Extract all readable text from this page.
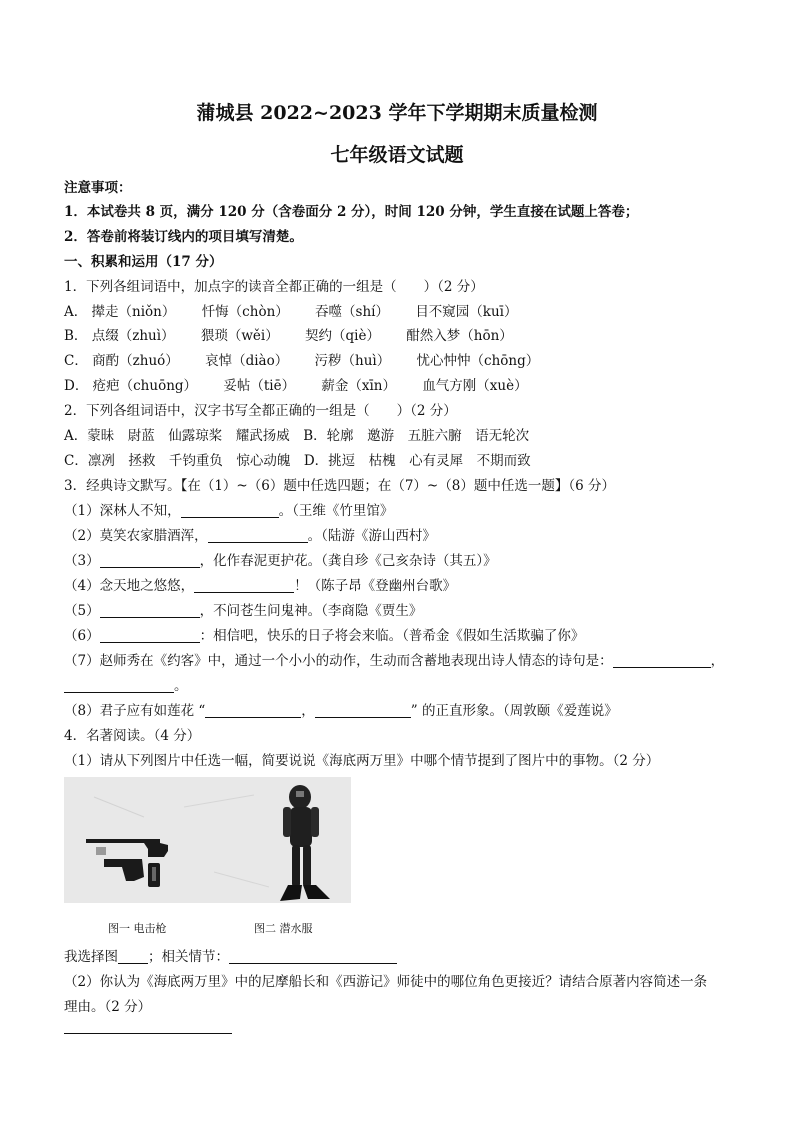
蒲城县 2022~2023 学年下学期期末质量检测
七年级语文试题
注意事项：
1．本试卷共 8 页，满分 120 分（含卷面分 2 分），时间 120 分钟，学生直接在试题上答卷；
2．答卷前将装订线内的项目填写清楚。
一、积累和运用（17 分）
1．下列各组词语中，加点字的读音全都正确的一组是（　　）（2 分）
A． 撵走（niǒn） 忏悔（chòn） 吞噬（shí） 目不窥园（kuī）
B． 点缀（zhuì） 猥琐（wěi） 契约（qiè） 酣然入梦（hōn）
C． 商酌（zhuó） 哀悼（diào） 污秽（huì） 忧心忡忡（chōng）
D． 疮疤（chuōng） 妥帖（tiē） 薪金（xīn） 血气方刚（xuè）
2．下列各组词语中，汉字书写全都正确的一组是（　　）（2 分）
A．蒙昧　尉蓝　仙露琼桨　耀武扬威　B．轮廓　邀游　五脏六腑　语无轮次
C．凛冽　拯救　千钧重负　惊心动魄　D．挑逗　枯槐　心有灵犀　不期而致
3．经典诗文默写。【在（1）~（6）题中任选四题；在（7）~（8）题中任选一题】（6 分）
（1）深林人不知，	。（王维《竹里馆》
（2）莫笑农家腊酒浑，	。（陆游《游山西村》
（3）	，化作春泥更护花。（龚自珍《己亥杂诗（其五）》
（4）念天地之悠悠，	！（陈子昂《登幽州台歌》
（5）	，不问苍生问鬼神。（李商隐《贾生》
（6）	：相信吧，快乐的日子将会来临。（普希金《假如生活欺骗了你》
（7）赵师秀在《约客》中，通过一个小小的动作，生动而含蓄地表现出诗人情态的诗句是：	，
。
（8）君子应有如莲花 “	，	” 的正直形象。（周敦颐《爱莲说》
4．名著阅读。（4 分）
（1）请从下列图片中任选一幅，简要说说《海底两万里》中哪个情节提到了图片中的事物。（2 分）
图一 电击枪	图二 潜水服
我选择图 ；相关情节：
（2）你认为《海底两万里》中的尼摩船长和《西游记》师徒中的哪位角色更接近？请结合原著内容简述一条
理由。（2 分）
